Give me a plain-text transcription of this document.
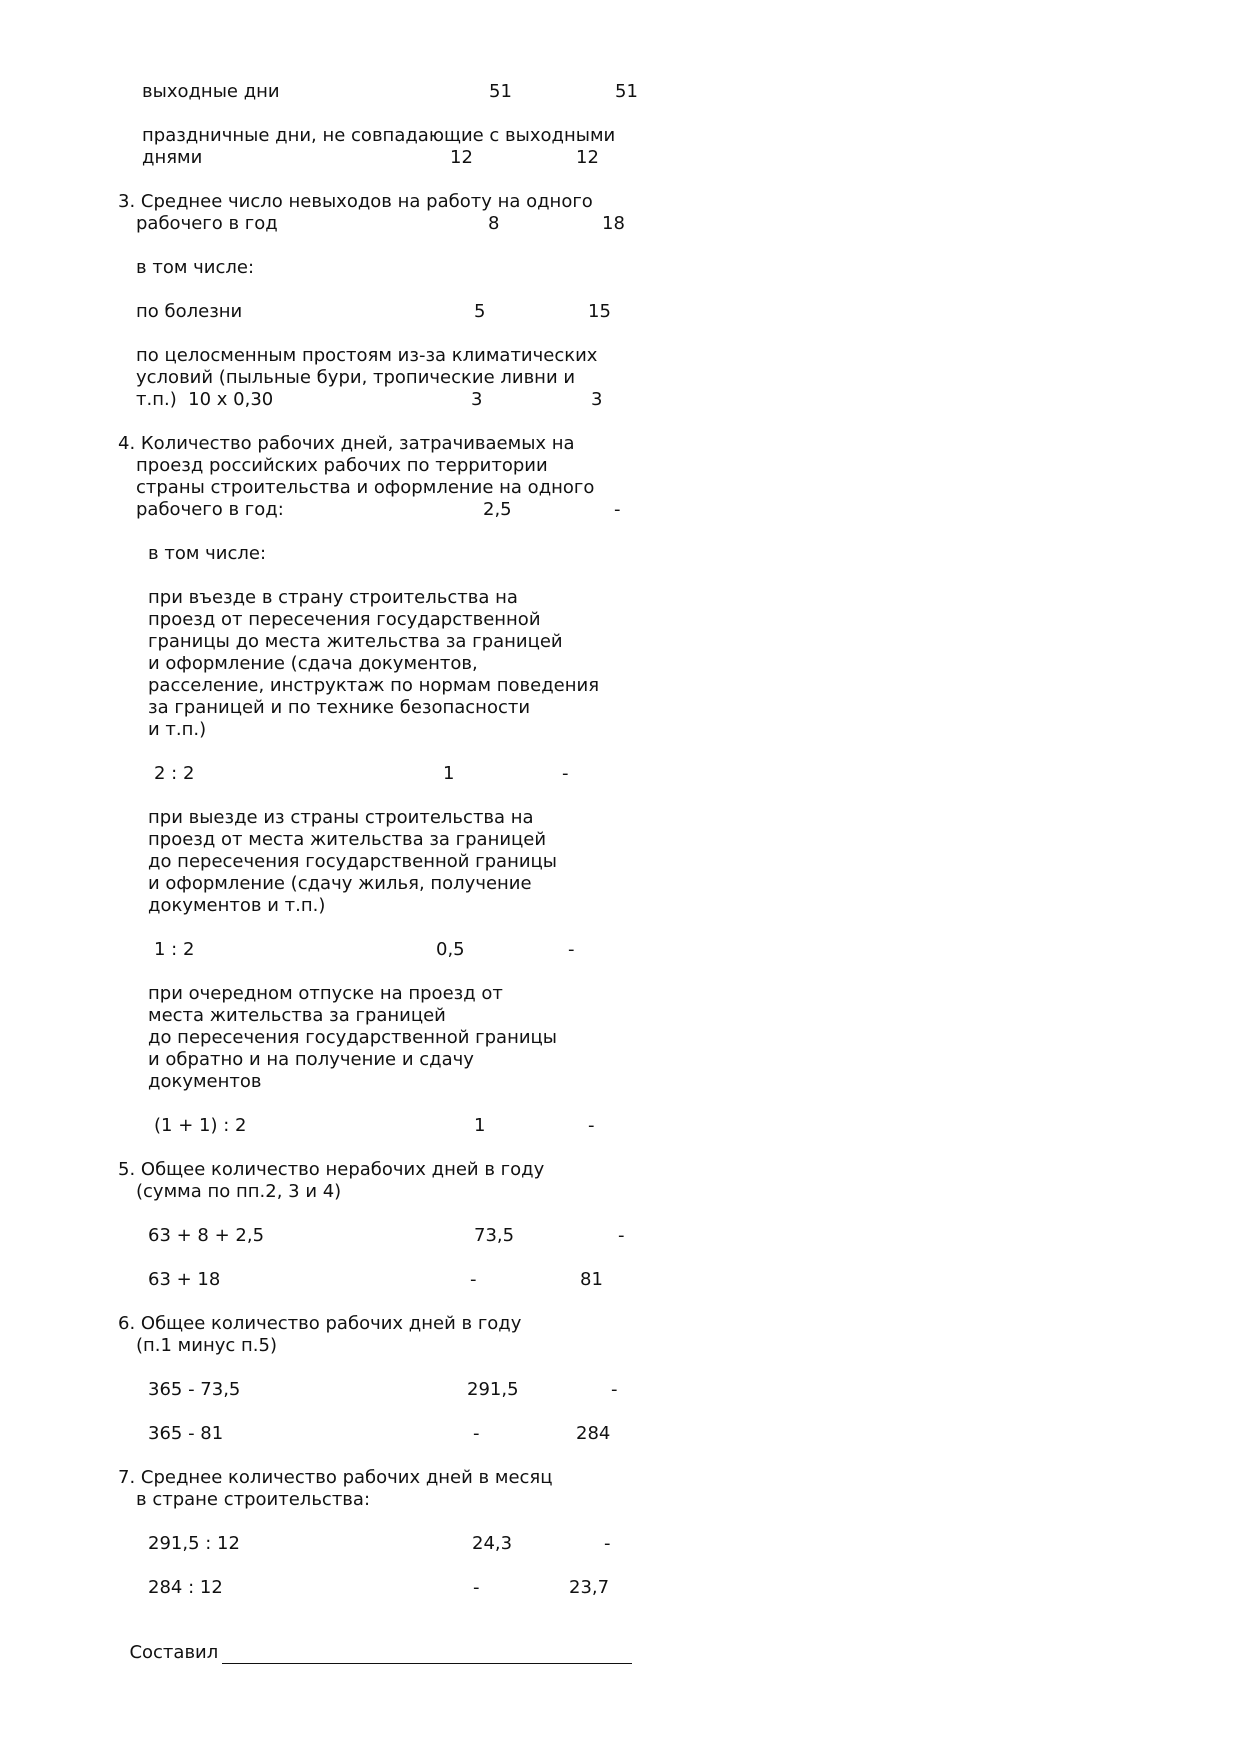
выходные дни	51	51
праздничные дни, не совпадающие с выходными
днями	12	12
3. Среднее число невыходов на работу на одного
рабочего в год	8	18
в том числе:
по болезни	5	15
по целосменным простоям из-за климатических
условий (пыльные бури, тропические ливни и
т.п.)  10 х 0,30	3	3
4. Количество рабочих дней, затрачиваемых на
проезд российских рабочих по территории
страны строительства и оформление на одного
рабочего в год:	2,5	-
в том числе:
при въезде в страну строительства на
проезд от пересечения государственной
границы до места жительства за границей
и оформление (сдача документов,
расселение, инструктаж по нормам поведения
за границей и по технике безопасности
и т.п.)
2 : 2	1	-
при выезде из страны строительства на
проезд от места жительства за границей
до пересечения государственной границы
и оформление (сдачу жилья, получение
документов и т.п.)
1 : 2	0,5	-
при очередном отпуске на проезд от
места жительства за границей
до пересечения государственной границы
и обратно и на получение и сдачу
документов
(1 + 1) : 2	1	-
5. Общее количество нерабочих дней в году
(сумма по пп.2, 3 и 4)
63 + 8 + 2,5	73,5	-
63 + 18	-	81
6. Общее количество рабочих дней в году
(п.1 минус п.5)
365 - 73,5	291,5	-
365 - 81	-	284
7. Среднее количество рабочих дней в месяц
в стране строительства:
291,5 : 12	24,3	-
284 : 12	-	23,7

Составил
